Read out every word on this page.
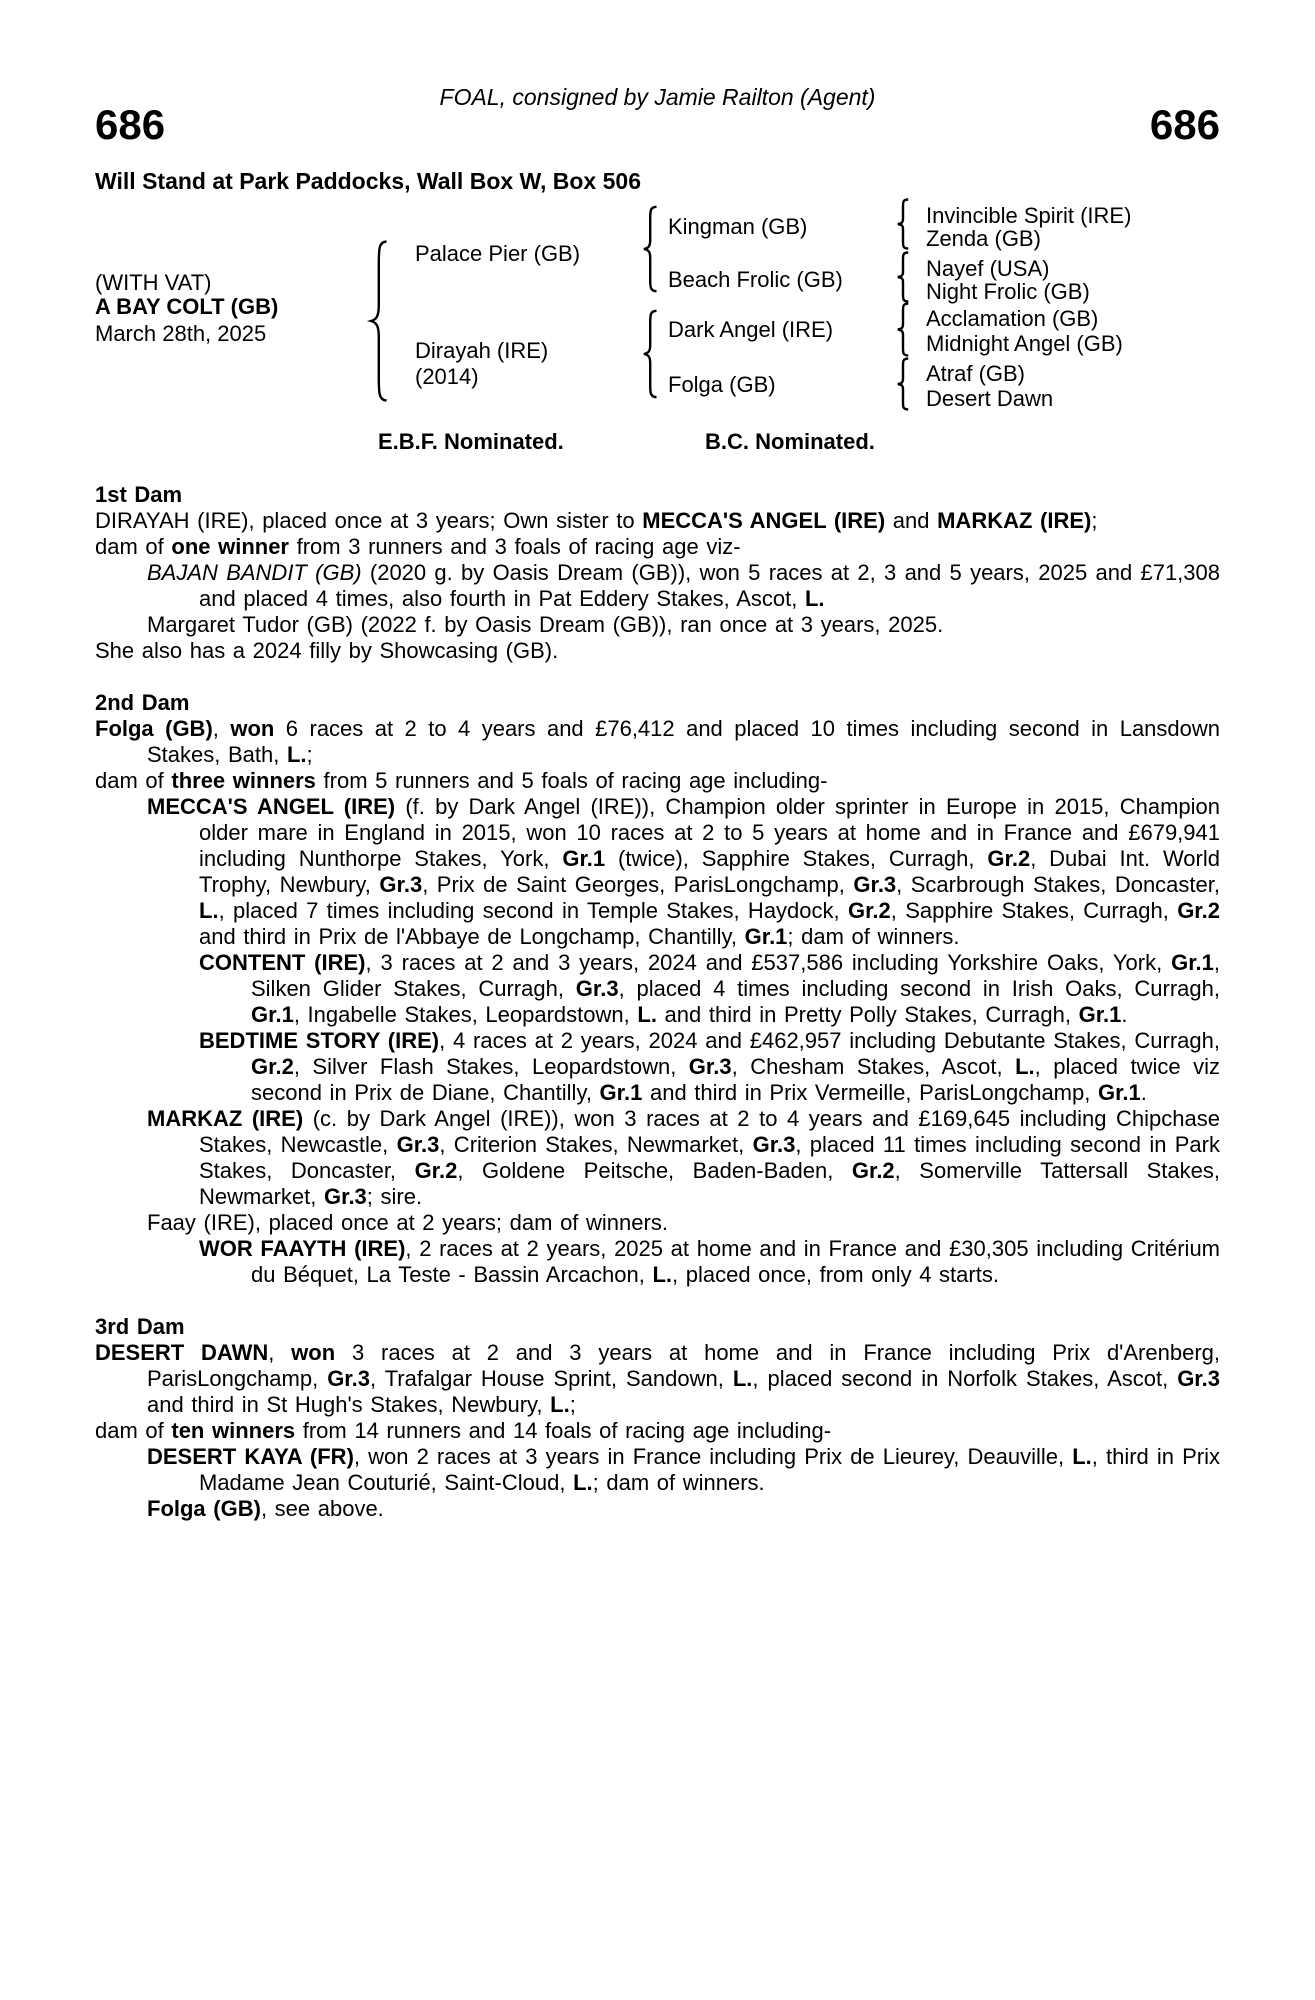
FOAL, consigned by Jamie Railton (Agent)
686	686
Will Stand at Park Paddocks, Wall Box W, Box 506
(WITH VAT)
A BAY COLT (GB)
March 28th, 2025
Palace Pier (GB)
Dirayah (IRE)
(2014)
Kingman (GB)
Beach Frolic (GB)
Dark Angel (IRE)
Folga (GB)
Invincible Spirit (IRE)
Zenda (GB)
Nayef (USA)
Night Frolic (GB)
Acclamation (GB)
Midnight Angel (GB)
Atraf (GB)
Desert Dawn
E.B.F. Nominated.	B.C. Nominated.
1st Dam
DIRAYAH (IRE), placed once at 3 years; Own sister to MECCA'S ANGEL (IRE) and MARKAZ (IRE);
dam of one winner from 3 runners and 3 foals of racing age viz-
BAJAN BANDIT (GB) (2020 g. by Oasis Dream (GB)), won 5 races at 2, 3 and 5 years, 2025 and £71,308 and placed 4 times, also fourth in Pat Eddery Stakes, Ascot, L.
Margaret Tudor (GB) (2022 f. by Oasis Dream (GB)), ran once at 3 years, 2025.
She also has a 2024 filly by Showcasing (GB).
2nd Dam
Folga (GB), won 6 races at 2 to 4 years and £76,412 and placed 10 times including second in Lansdown Stakes, Bath, L.;
dam of three winners from 5 runners and 5 foals of racing age including-
MECCA'S ANGEL (IRE) (f. by Dark Angel (IRE)), Champion older sprinter in Europe in 2015, Champion older mare in England in 2015, won 10 races at 2 to 5 years at home and in France and £679,941 including Nunthorpe Stakes, York, Gr.1 (twice), Sapphire Stakes, Curragh, Gr.2, Dubai Int. World Trophy, Newbury, Gr.3, Prix de Saint Georges, ParisLongchamp, Gr.3, Scarbrough Stakes, Doncaster, L., placed 7 times including second in Temple Stakes, Haydock, Gr.2, Sapphire Stakes, Curragh, Gr.2 and third in Prix de l'Abbaye de Longchamp, Chantilly, Gr.1; dam of winners.
CONTENT (IRE), 3 races at 2 and 3 years, 2024 and £537,586 including Yorkshire Oaks, York, Gr.1, Silken Glider Stakes, Curragh, Gr.3, placed 4 times including second in Irish Oaks, Curragh, Gr.1, Ingabelle Stakes, Leopardstown, L. and third in Pretty Polly Stakes, Curragh, Gr.1.
BEDTIME STORY (IRE), 4 races at 2 years, 2024 and £462,957 including Debutante Stakes, Curragh, Gr.2, Silver Flash Stakes, Leopardstown, Gr.3, Chesham Stakes, Ascot, L., placed twice viz second in Prix de Diane, Chantilly, Gr.1 and third in Prix Vermeille, ParisLongchamp, Gr.1.
MARKAZ (IRE) (c. by Dark Angel (IRE)), won 3 races at 2 to 4 years and £169,645 including Chipchase Stakes, Newcastle, Gr.3, Criterion Stakes, Newmarket, Gr.3, placed 11 times including second in Park Stakes, Doncaster, Gr.2, Goldene Peitsche, Baden-Baden, Gr.2, Somerville Tattersall Stakes, Newmarket, Gr.3; sire.
Faay (IRE), placed once at 2 years; dam of winners.
WOR FAAYTH (IRE), 2 races at 2 years, 2025 at home and in France and £30,305 including Critérium du Béquet, La Teste - Bassin Arcachon, L., placed once, from only 4 starts.
3rd Dam
DESERT DAWN, won 3 races at 2 and 3 years at home and in France including Prix d'Arenberg, ParisLongchamp, Gr.3, Trafalgar House Sprint, Sandown, L., placed second in Norfolk Stakes, Ascot, Gr.3 and third in St Hugh's Stakes, Newbury, L.;
dam of ten winners from 14 runners and 14 foals of racing age including-
DESERT KAYA (FR), won 2 races at 3 years in France including Prix de Lieurey, Deauville, L., third in Prix Madame Jean Couturié, Saint-Cloud, L.; dam of winners.
Folga (GB), see above.
